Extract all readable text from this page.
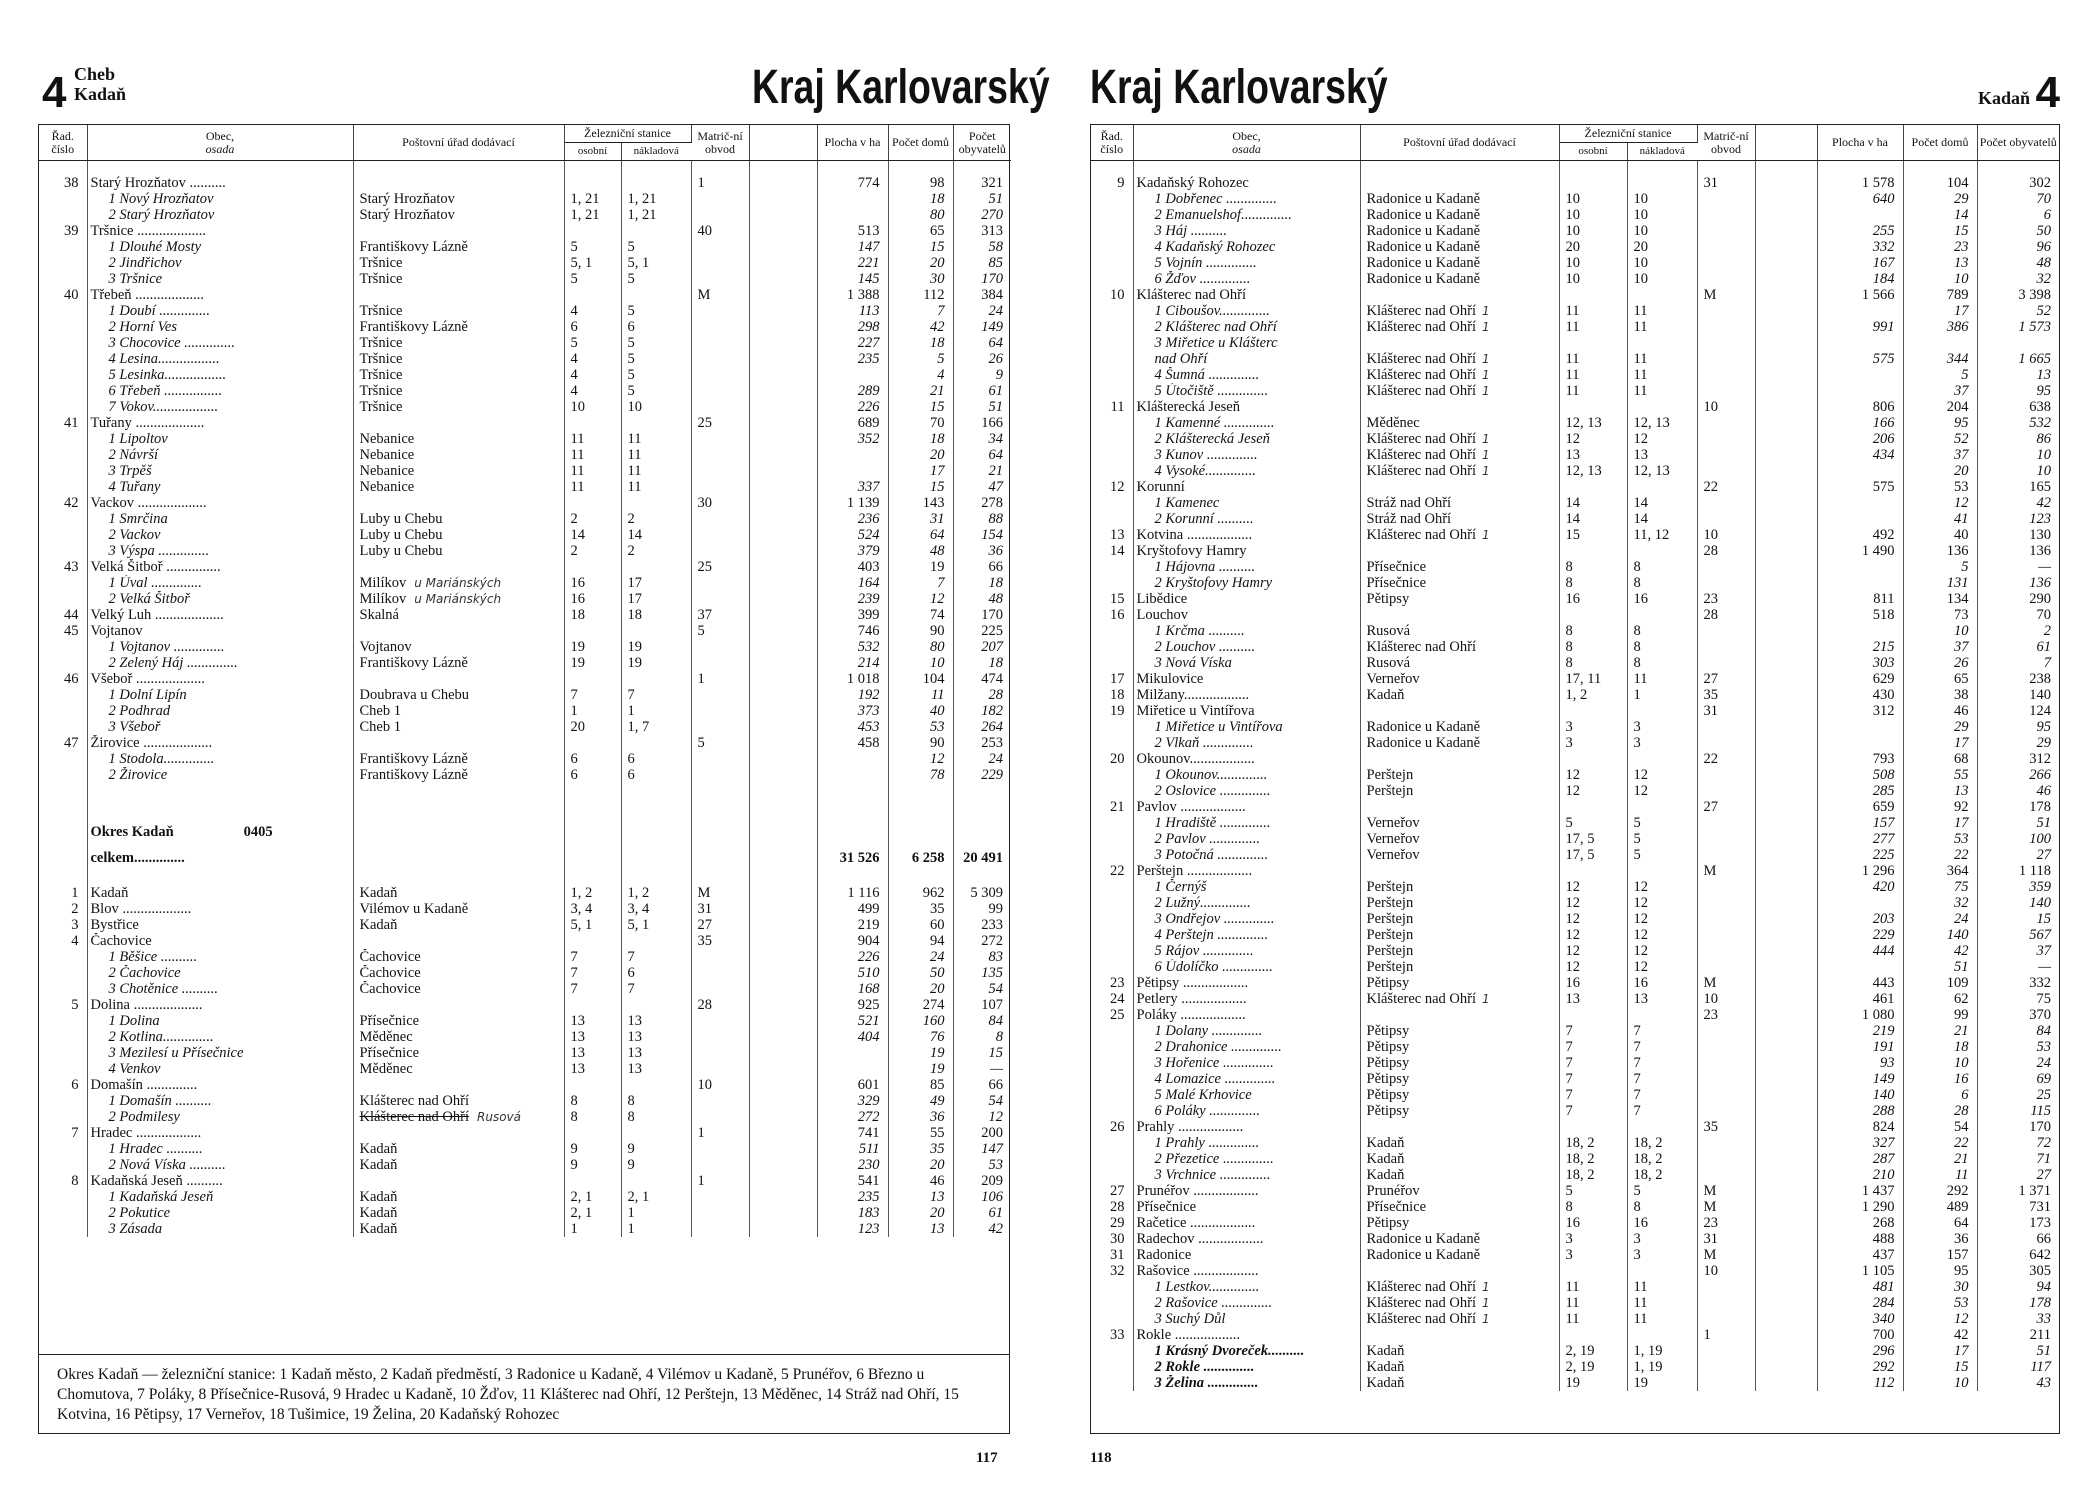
4 Cheb
Kadaň	Kraj Karlovarský
Řad. číslo	Obec,
osada	Poštovní úřad dodávací	Železniční stanice		Matrič-ní obvod		Plocha v ha	Počet domů	Počet obyvatelů
			osobní	nákladová					

38	Starý Hrozňatov ..........				1		774	98	321
	1 Nový Hrozňatov	Starý Hrozňatov	1, 21	1, 21				18	51
	2 Starý Hrozňatov	Starý Hrozňatov	1, 21	1, 21				80	270
39	Tršnice ...................				40		513	65	313
	1 Dlouhé Mosty	Františkovy Lázně	5	5			147	15	58
	2 Jindřichov	Tršnice	5, 1	5, 1			221	20	85
	3 Tršnice	Tršnice	5	5			145	30	170
40	Třebeň ...................				M		1 388	112	384
	1 Doubí ..............	Tršnice	4	5			113	7	24
	2 Horní Ves	Františkovy Lázně	6	6			298	42	149
	3 Chocovice ..............	Tršnice	5	5			227	18	64
	4 Lesina.................	Tršnice	4	5			235	5	26
	5 Lesinka.................	Tršnice	4	5				4	9
	6 Třebeň ................	Tršnice	4	5			289	21	61
	7 Vokov..................	Tršnice	10	10			226	15	51
41	Tuřany ...................				25		689	70	166
	1 Lipoltov	Nebanice	11	11			352	18	34
	2 Návrší	Nebanice	11	11				20	64
	3 Trpěš	Nebanice	11	11				17	21
	4 Tuřany	Nebanice	11	11			337	15	47
42	Vackov ...................				30		1 139	143	278
	1 Smrčina	Luby u Chebu	2	2			236	31	88
	2 Vackov	Luby u Chebu	14	14			524	64	154
	3 Výspa ..............	Luby u Chebu	2	2			379	48	36
43	Velká Šitboř ...............				25		403	19	66
	1 Úval ..............	Milíkov u Mariánských	16	17			164	7	18
	2 Velká Šitboř	Milíkov u Mariánských	16	17			239	12	48
44	Velký Luh ...................	Skalná	18	18	37		399	74	170
45	Vojtanov				5		746	90	225
	1 Vojtanov ..............	Vojtanov	19	19			532	80	207
	2 Zelený Háj ..............	Františkovy Lázně	19	19			214	10	18
46	Všeboř ...................				1		1 018	104	474
	1 Dolní Lipín	Doubrava u Chebu	7	7			192	11	28
	2 Podhrad	Cheb 1	1	1			373	40	182
	3 Všeboř	Cheb 1	20	1, 7			453	53	264
47	Žirovice ...................				5		458	90	253
	1 Stodola..............	Františkovy Lázně	6	6				12	24
	2 Žirovice	Františkovy Lázně	6	6				78	229

	Okres Kadaň 0405								
	celkem..............						31 526	6 258	20 491

1	Kadaň	Kadaň	1, 2	1, 2	M		1 116	962	5 309
2	Blov ...................	Vilémov u Kadaně	3, 4	3, 4	31		499	35	99
3	Bystřice	Kadaň	5, 1	5, 1	27		219	60	233
4	Čachovice				35		904	94	272
	1 Běšice ..........	Čachovice	7	7			226	24	83
	2 Čachovice	Čachovice	7	6			510	50	135
	3 Chotěnice ..........	Čachovice	7	7			168	20	54
5	Dolina ...................				28		925	274	107
	1 Dolina	Přísečnice	13	13			521	160	84
	2 Kotlina..............	Měděnec	13	13			404	76	8
	3 Mezilesí u Přísečnice	Přísečnice	13	13				19	15
	4 Venkov	Měděnec	13	13				19	—
6	Domašín ..............				10		601	85	66
	1 Domašín ..........	Klášterec nad Ohří	8	8			329	49	54
	2 Podmilesy	Klášterec nad Ohří Rusová	8	8			272	36	12
7	Hradec ..................				1		741	55	200
	1 Hradec ..........	Kadaň	9	9			511	35	147
	2 Nová Víska ..........	Kadaň	9	9			230	20	53
8	Kadaňská Jeseň ..........				1		541	46	209
	1 Kadaňská Jeseň	Kadaň	2, 1	2, 1			235	13	106
	2 Pokutice	Kadaň	2, 1	1			183	20	61
	3 Zásada	Kadaň	1	1			123	13	42
Okres Kadaň — železniční stanice: 1 Kadaň město, 2 Kadaň předměstí, 3 Radonice u Kadaně, 4 Vilémov u Kadaně, 5 Prunéřov, 6 Březno u Chomutova, 7 Poláky, 8 Přísečnice-Rusová, 9 Hradec u Kadaně, 10 Žďov, 11 Klášterec nad Ohří, 12 Perštejn, 13 Měděnec, 14 Stráž nad Ohří, 15 Kotvina, 16 Pětipsy, 17 Verneřov, 18 Tušimice, 19 Želina, 20 Kadaňský Rohozec
117
Kraj Karlovarský	Kadaň 4
Řad. číslo	Obec,
osada	Poštovní úřad dodávací	Železniční stanice		Matrič-ní obvod		Plocha v ha	Počet domů	Počet obyvatelů
			osobní	nákladová					

9	Kadaňský Rohozec				31		1 578	104	302
	1 Dobřenec ..............	Radonice u Kadaně	10	10			640	29	70
	2 Emanuelshof..............	Radonice u Kadaně	10	10				14	6
	3 Háj ..........	Radonice u Kadaně	10	10			255	15	50
	4 Kadaňský Rohozec	Radonice u Kadaně	20	20			332	23	96
	5 Vojnín ..............	Radonice u Kadaně	10	10			167	13	48
	6 Žďov ..............	Radonice u Kadaně	10	10			184	10	32
10	Klášterec nad Ohří				M		1 566	789	3 398
	1 Ciboušov..............	Klášterec nad Ohří 1	11	11				17	52
	2 Klášterec nad Ohří	Klášterec nad Ohří 1	11	11			991	386	1 573
	3 Miřetice u Klášterc								
	nad Ohří	Klášterec nad Ohří 1	11	11			575	344	1 665
	4 Šumná ..............	Klášterec nad Ohří 1	11	11				5	13
	5 Útočiště ..............	Klášterec nad Ohří 1	11	11				37	95
11	Klášterecká Jeseň				10		806	204	638
	1 Kamenné ..............	Měděnec	12, 13	12, 13			166	95	532
	2 Klášterecká Jeseň	Klášterec nad Ohří 1	12	12			206	52	86
	3 Kunov ..............	Klášterec nad Ohří 1	13	13			434	37	10
	4 Vysoké..............	Klášterec nad Ohří 1	12, 13	12, 13				20	10
12	Korunní				22		575	53	165
	1 Kamenec	Stráž nad Ohří	14	14				12	42
	2 Korunní ..........	Stráž nad Ohří	14	14				41	123
13	Kotvina ..................	Klášterec nad Ohří 1	15	11, 12	10		492	40	130
14	Kryštofovy Hamry				28		1 490	136	136
	1 Hájovna ..........	Přísečnice	8	8				5	—
	2 Kryštofovy Hamry	Přísečnice	8	8				131	136
15	Libědice	Pětipsy	16	16	23		811	134	290
16	Louchov				28		518	73	70
	1 Krčma ..........	Rusová	8	8				10	2
	2 Louchov ..........	Klášterec nad Ohří	8	8			215	37	61
	3 Nová Víska	Rusová	8	8			303	26	7
17	Mikulovice	Verneřov	17, 11	11	27		629	65	238
18	Milžany..................	Kadaň	1, 2	1	35		430	38	140
19	Miřetice u Vintířova				31		312	46	124
	1 Miřetice u Vintířova	Radonice u Kadaně	3	3				29	95
	2 Vlkaň ..............	Radonice u Kadaně	3	3				17	29
20	Okounov..................				22		793	68	312
	1 Okounov..............	Perštejn	12	12			508	55	266
	2 Oslovice ..............	Perštejn	12	12			285	13	46
21	Pavlov ..................				27		659	92	178
	1 Hradiště ..............	Verneřov	5	5			157	17	51
	2 Pavlov ..............	Verneřov	17, 5	5			277	53	100
	3 Potočná ..............	Verneřov	17, 5	5			225	22	27
22	Perštejn ..................				M		1 296	364	1 118
	1 Černýš	Perštejn	12	12			420	75	359
	2 Lužný..............	Perštejn	12	12				32	140
	3 Ondřejov ..............	Perštejn	12	12			203	24	15
	4 Perštejn ..............	Perštejn	12	12			229	140	567
	5 Rájov ..............	Perštejn	12	12			444	42	37
	6 Údolíčko ..............	Perštejn	12	12				51	—
23	Pětipsy ..................	Pětipsy	16	16	M		443	109	332
24	Petlery ..................	Klášterec nad Ohří 1	13	13	10		461	62	75
25	Poláky ..................				23		1 080	99	370
	1 Dolany ..............	Pětipsy	7	7			219	21	84
	2 Drahonice ..............	Pětipsy	7	7			191	18	53
	3 Hořenice ..............	Pětipsy	7	7			93	10	24
	4 Lomazice ..............	Pětipsy	7	7			149	16	69
	5 Malé Krhovice	Pětipsy	7	7			140	6	25
	6 Poláky ..............	Pětipsy	7	7			288	28	115
26	Prahly ..................				35		824	54	170
	1 Prahly ..............	Kadaň	18, 2	18, 2			327	22	72
	2 Přezetice ..............	Kadaň	18, 2	18, 2			287	21	71
	3 Vrchnice ..............	Kadaň	18, 2	18, 2			210	11	27
27	Prunéřov ..................	Prunéřov	5	5	M		1 437	292	1 371
28	Přísečnice	Přísečnice	8	8	M		1 290	489	731
29	Račetice ..................	Pětipsy	16	16	23		268	64	173
30	Radechov ..................	Radonice u Kadaně	3	3	31		488	36	66
31	Radonice	Radonice u Kadaně	3	3	M		437	157	642
32	Rašovice ..................				10		1 105	95	305
	1 Lestkov..............	Klášterec nad Ohří 1	11	11			481	30	94
	2 Rašovice ..............	Klášterec nad Ohří 1	11	11			284	53	178
	3 Suchý Důl	Klášterec nad Ohří 1	11	11			340	12	33
33	Rokle ..................				1		700	42	211
	1 Krásný Dvoreček..........	Kadaň	2, 19	1, 19			296	17	51
	2 Rokle ..............	Kadaň	2, 19	1, 19			292	15	117
	3 Želina ..............	Kadaň	19	19			112	10	43
118
